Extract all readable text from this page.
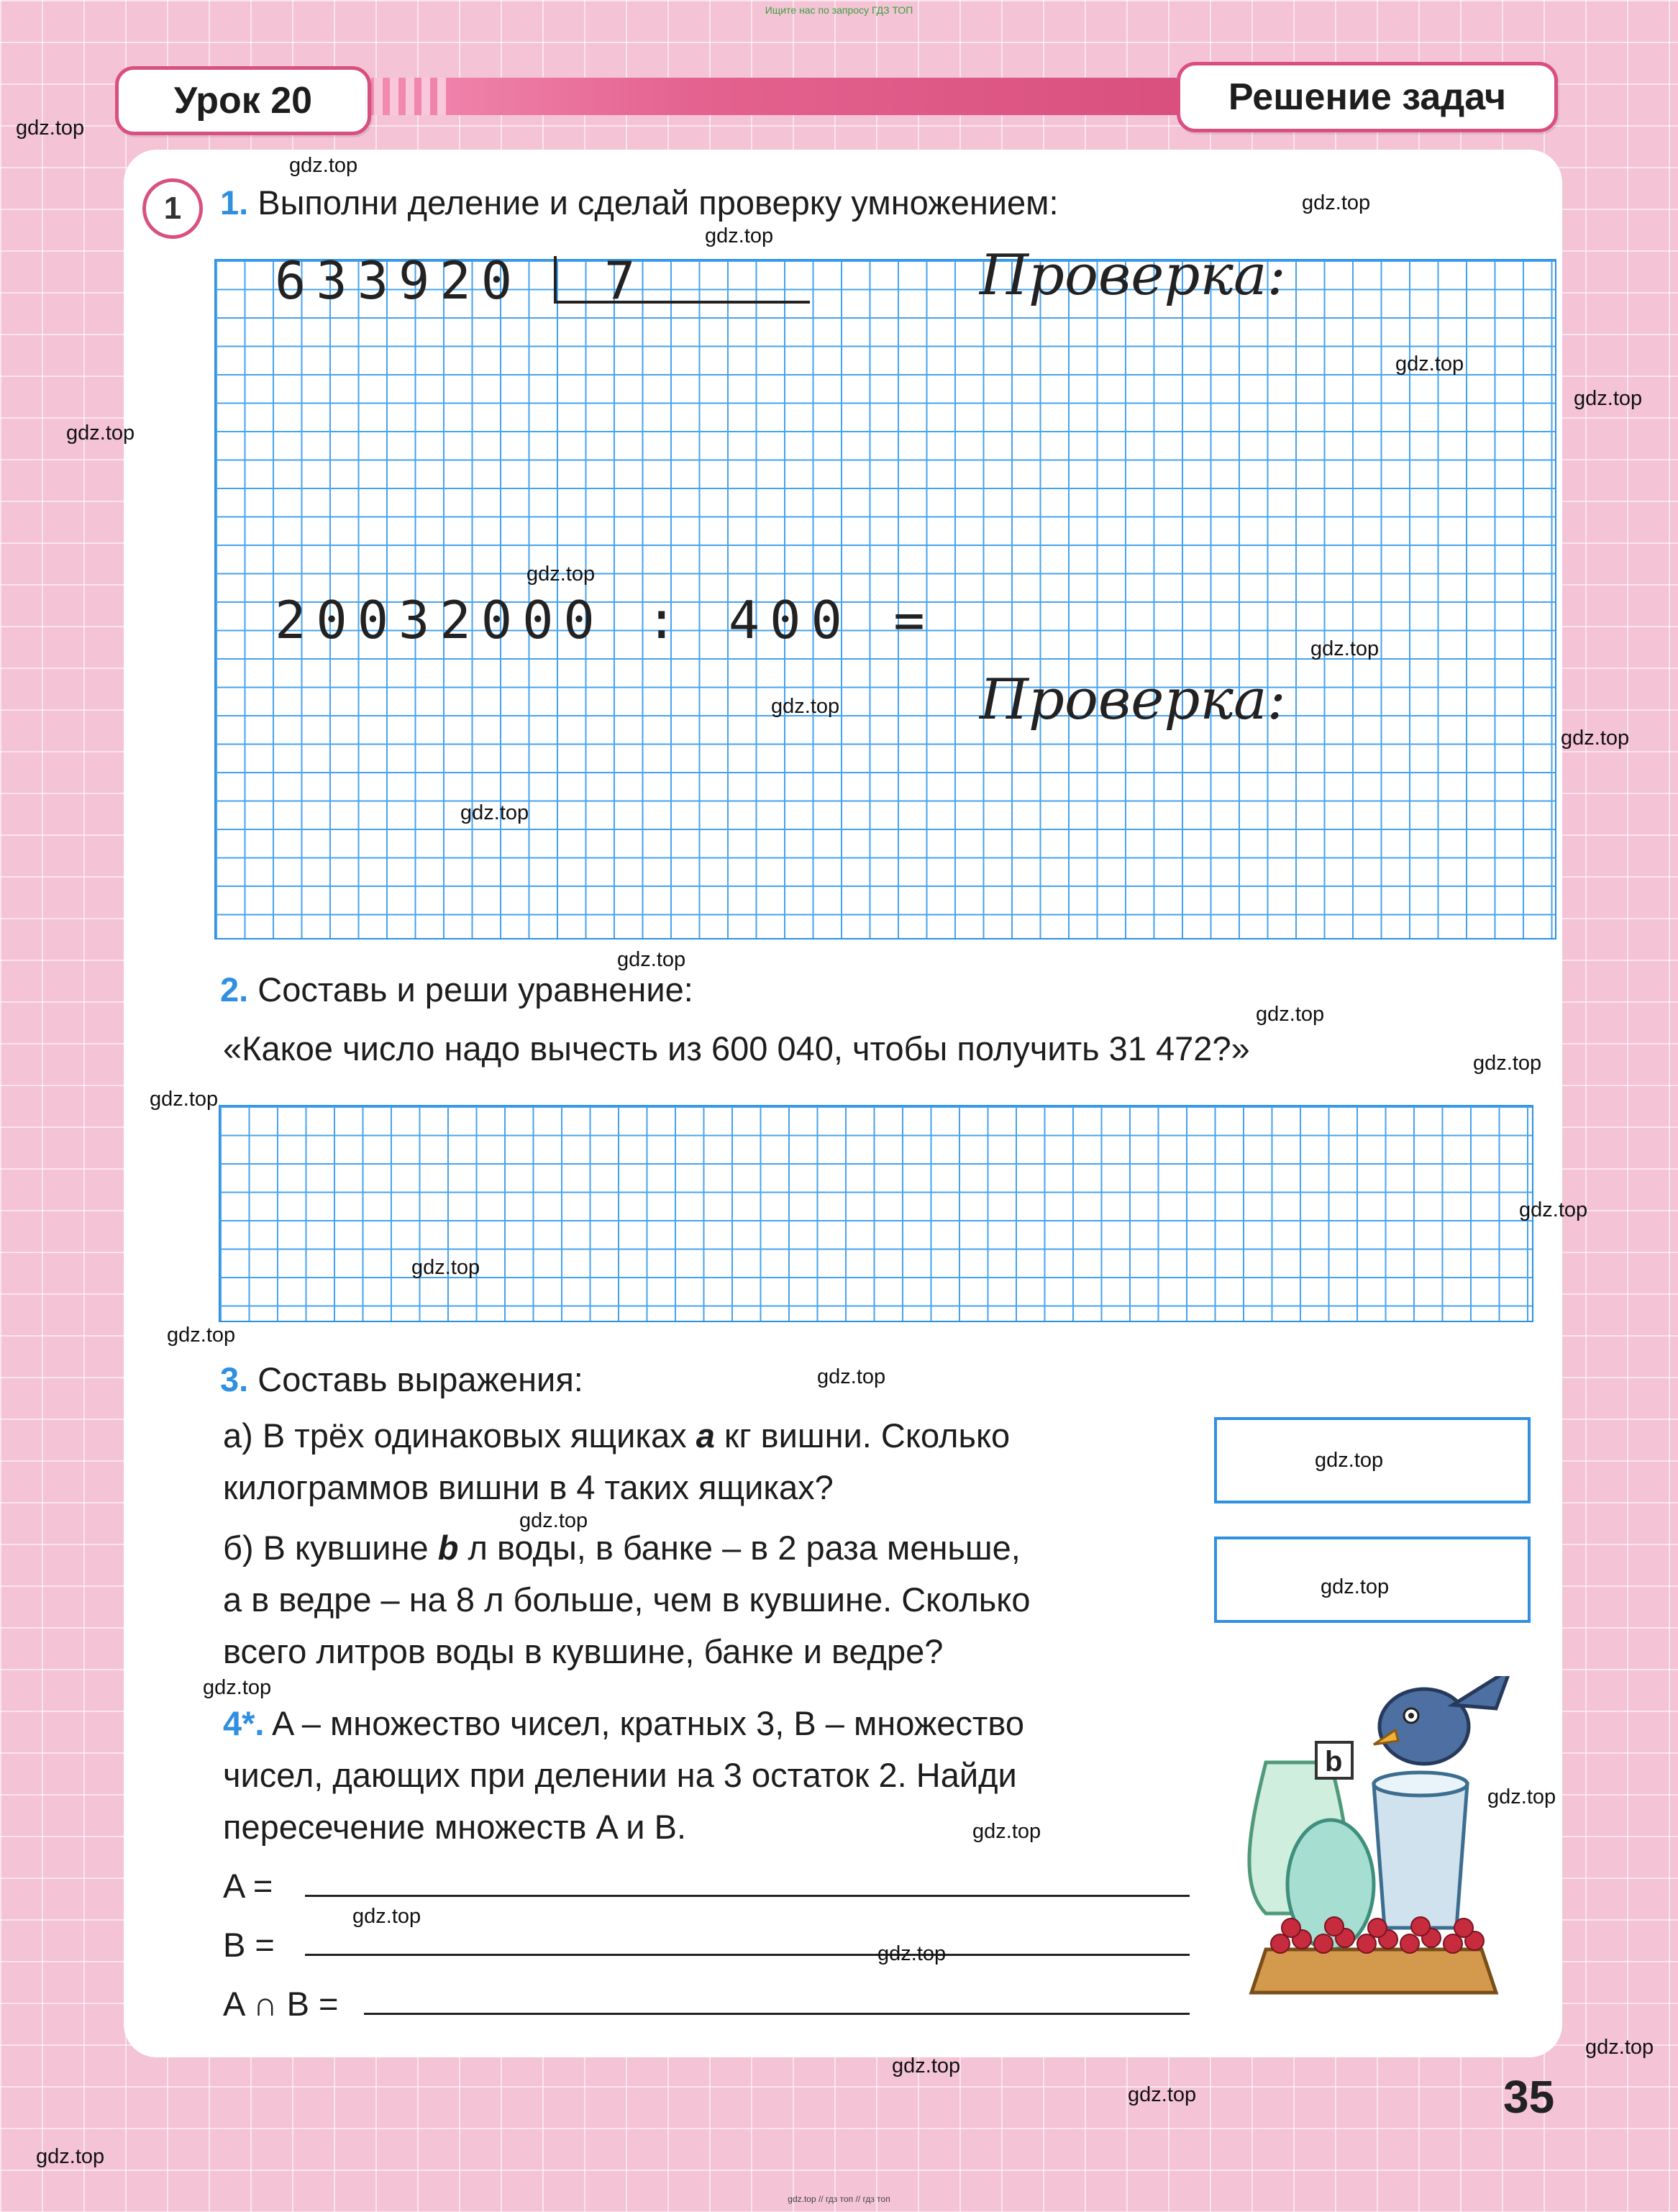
Ищите нас по запросу ГДЗ ТОП
Урок 20	Решение задач
1	1. Выполни деление и сделай проверку умножением:
633920 7	Проверка:
20032000 : 400 =
Проверка:
2. Составь и реши уравнение:
«Какое число надо вычесть из 600 040, чтобы получить 31 472?»
3. Составь выражения:
а) В трёх одинаковых ящиках a кг вишни. Сколько
килограммов вишни в 4 таких ящиках?
б) В кувшине b л воды, в банке – в 2 раза меньше,
а в ведре – на 8 л больше, чем в кувшине. Сколько
всего литров воды в кувшине, банке и ведре?
4*. A – множество чисел, кратных 3, B – множество
чисел, дающих при делении на 3 остаток 2. Найди
пересечение множеств A и B.
A =
B =
A ∩ B =
b
35
gdz.top // гдз топ // гдз топ
gdz.top
gdz.top
gdz.top
gdz.top
gdz.top
gdz.top
gdz.top
gdz.top
gdz.top
gdz.top
gdz.top
gdz.top
gdz.top
gdz.top
gdz.top
gdz.top
gdz.top
gdz.top
gdz.top
gdz.top
gdz.top
gdz.top
gdz.top
gdz.top
gdz.top
gdz.top
gdz.top
gdz.top
gdz.top
gdz.top
gdz.top
gdz.top
